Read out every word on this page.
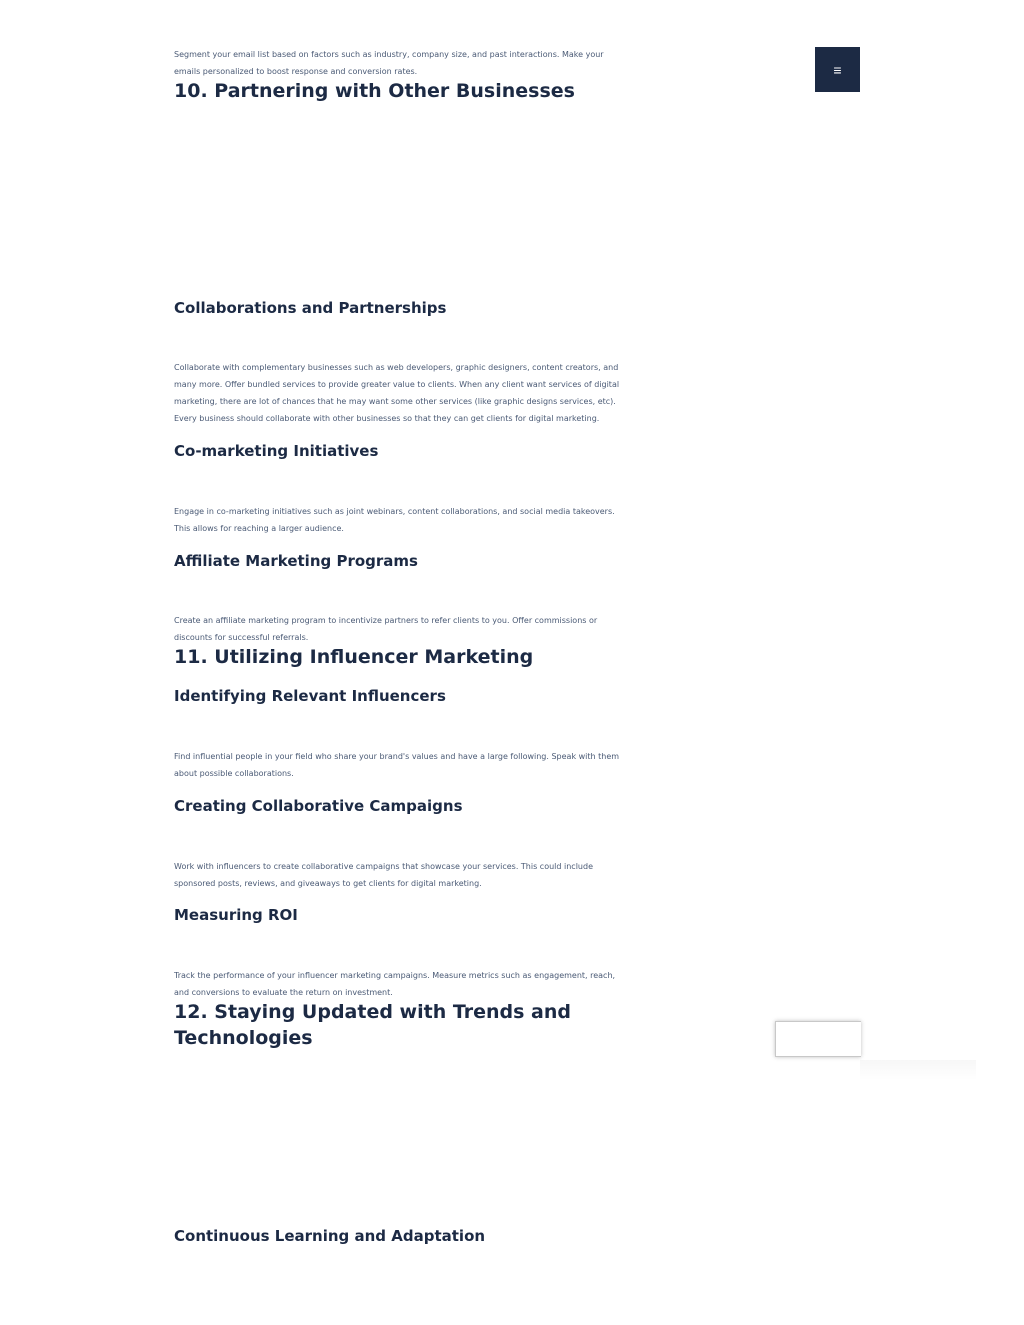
Segment your email list based on factors such as industry, company size, and past interactions. Make your emails personalized to boost response and conversion rates.

10. Partnering with Other Businesses
Collaborations and Partnerships

Collaborate with complementary businesses such as web developers, graphic designers, content creators, and many more. Offer bundled services to provide greater value to clients. When any client want services of digital marketing, there are lot of chances that he may want some other services (like graphic designs services, etc). Every business should collaborate with other businesses so that they can get clients for digital marketing.

Co-marketing Initiatives

Engage in co-marketing initiatives such as joint webinars, content collaborations, and social media takeovers. This allows for reaching a larger audience.

Affiliate Marketing Programs

Create an affiliate marketing program to incentivize partners to refer clients to you. Offer commissions or discounts for successful referrals.

11. Utilizing Influencer Marketing
Identifying Relevant Influencers

Find influential people in your field who share your brand's values and have a large following. Speak with them about possible collaborations.

Creating Collaborative Campaigns

Work with influencers to create collaborative campaigns that showcase your services. This could include sponsored posts, reviews, and giveaways to get clients for digital marketing.

Measuring ROI

Track the performance of your influencer marketing campaigns. Measure metrics such as engagement, reach, and conversions to evaluate the return on investment.

12. Staying Updated with Trends and Technologies
Continuous Learning and Adaptation
≡
